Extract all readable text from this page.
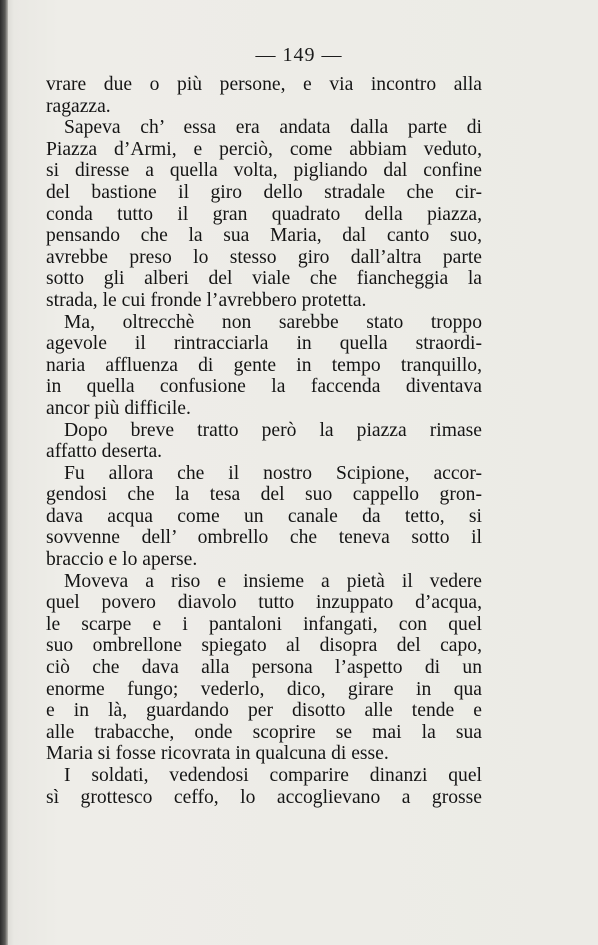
— 149 —
vrare due o più persone, e via incontro alla
ragazza.
Sapeva ch’ essa era andata dalla parte di
Piazza d’Armi, e perciò, come abbiam veduto,
si diresse a quella volta, pigliando dal confine
del bastione il giro dello stradale che cir-
conda tutto il gran quadrato della piazza,
pensando che la sua Maria, dal canto suo,
avrebbe preso lo stesso giro dall’altra parte
sotto gli alberi del viale che fiancheggia la
strada, le cui fronde l’avrebbero protetta.
Ma, oltrecchè non sarebbe stato troppo
agevole il rintracciarla in quella straordi-
naria affluenza di gente in tempo tranquillo,
in quella confusione la faccenda diventava
ancor più difficile.
Dopo breve tratto però la piazza rimase
affatto deserta.
Fu allora che il nostro Scipione, accor-
gendosi che la tesa del suo cappello gron-
dava acqua come un canale da tetto, si
sovvenne dell’ ombrello che teneva sotto il
braccio e lo aperse.
Moveva a riso e insieme a pietà il vedere
quel povero diavolo tutto inzuppato d’acqua,
le scarpe e i pantaloni infangati, con quel
suo ombrellone spiegato al disopra del capo,
ciò che dava alla persona l’aspetto di un
enorme fungo; vederlo, dico, girare in qua
e in là, guardando per disotto alle tende e
alle trabacche, onde scoprire se mai la sua
Maria si fosse ricovrata in qualcuna di esse.
I soldati, vedendosi comparire dinanzi quel
sì grottesco ceffo, lo accoglievano a grosse
